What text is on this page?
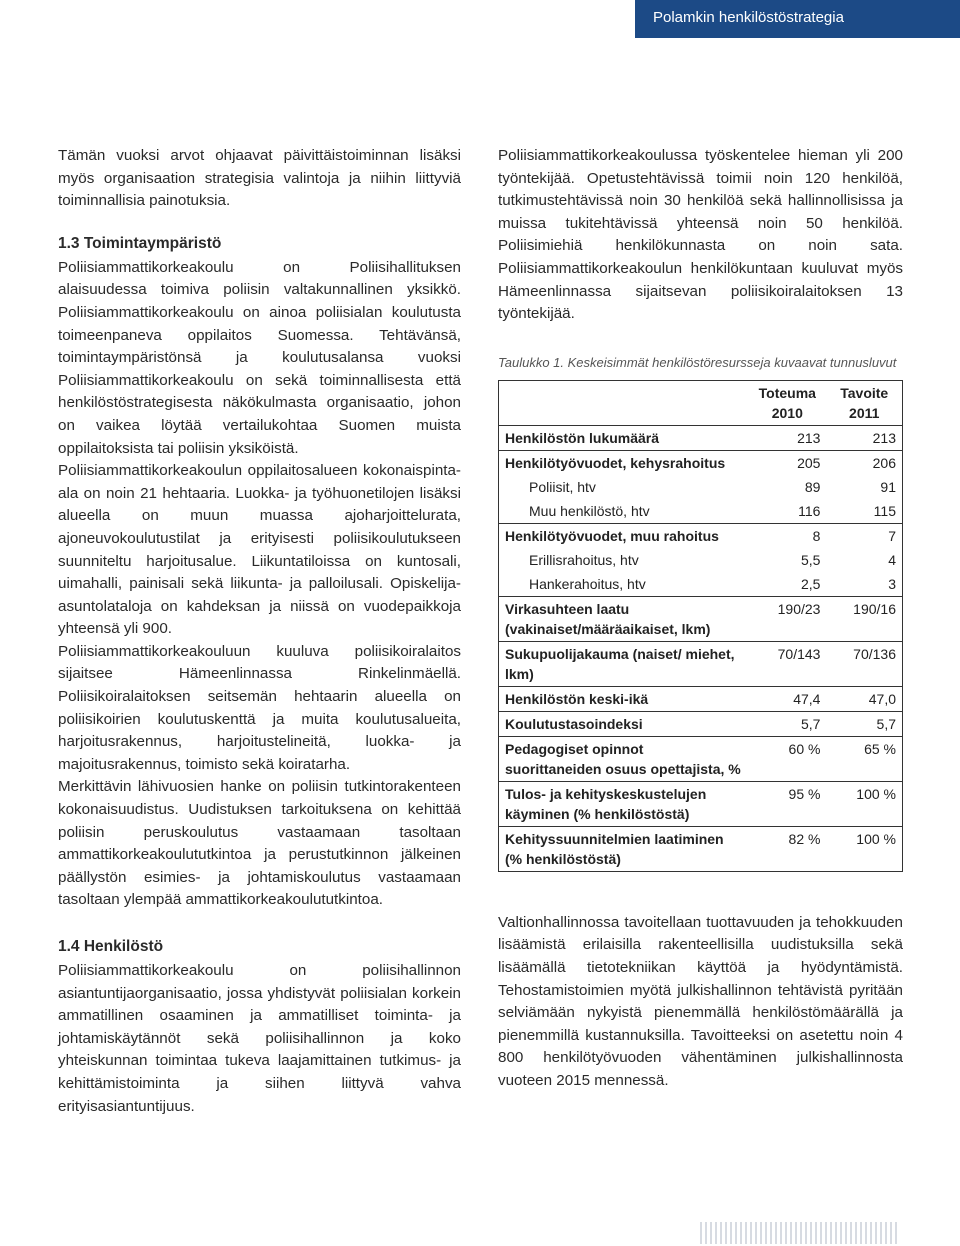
Polamkin henkilöstöstrategia

Tämän vuoksi arvot ohjaavat päivittäistoiminnan lisäksi myös organisaation strategisia valintoja ja niihin liittyviä toiminnallisia painotuksia.

1.3 Toimintaympäristö

Poliisiammattikorkeakoulu on Poliisihallituksen alaisuudessa toimiva poliisin valtakunnallinen yksikkö. Poliisiammattikorkeakoulu on ainoa poliisialan koulutusta toimeenpaneva oppilaitos Suomessa. Tehtävänsä, toimintaympäristönsä ja koulutusalansa vuoksi Poliisiammattikorkeakoulu on sekä toiminnallisesta että henkilöstöstrategisesta näkökulmasta organisaatio, johon on vaikea löytää vertailukohtaa Suomen muista oppilaitoksista tai poliisin yksiköistä.

Poliisiammattikorkeakoulun oppilaitosalueen kokonaispinta-ala on noin 21 hehtaaria. Luokka- ja työhuonetilojen lisäksi alueella on muun muassa ajoharjoittelurata, ajoneuvokoulutustilat ja erityisesti poliisikoulutukseen suunniteltu harjoitusalue. Liikuntatiloissa on kuntosali, uimahalli, painisali sekä liikunta- ja palloilusali. Opiskelija-asuntolataloja on kahdeksan ja niissä on vuodepaikkoja yhteensä yli 900.

Poliisiammattikorkeakouluun kuuluva poliisikoiralaitos sijaitsee Hämeenlinnassa Rinkelinmäellä. Poliisikoiralaitoksen seitsemän hehtaarin alueella on poliisikoirien koulutuskenttä ja muita koulutusalueita, harjoitusrakennus, harjoitustelineitä, luokka- ja majoitusrakennus, toimisto sekä koiratarha.

Merkittävin lähivuosien hanke on poliisin tutkintorakenteen kokonaisuudistus. Uudistuksen tarkoituksena on kehittää poliisin peruskoulutus vastaamaan tasoltaan ammattikorkeakoulututkintoa ja perustutkinnon jälkeinen päällystön esimies- ja johtamiskoulutus vastaamaan tasoltaan ylempää ammattikorkeakoulututkintoa.

1.4 Henkilöstö

Poliisiammattikorkeakoulu on poliisihallinnon asiantuntijaorganisaatio, jossa yhdistyvät poliisialan korkein ammatillinen osaaminen ja ammatilliset toiminta- ja johtamiskäytännöt sekä poliisihallinnon ja koko yhteiskunnan toimintaa tukeva laajamittainen tutkimus- ja kehittämistoiminta ja siihen liittyvä vahva erityisasiantuntijuus.

Poliisiammattikorkeakoulussa työskentelee hieman yli 200 työntekijää. Opetustehtävissä toimii noin 120 henkilöä, tutkimustehtävissä noin 30 henkilöä sekä hallinnollisissa ja muissa tukitehtävissä yhteensä noin 50 henkilöä. Poliisimiehiä henkilökunnasta on noin sata. Poliisiammattikorkeakoulun henkilökuntaan kuuluvat myös Hämeenlinnassa sijaitsevan poliisikoiralaitoksen 13 työntekijää.

Taulukko 1. Keskeisimmät henkilöstöresursseja kuvaavat tunnusluvut
	Toteuma 2010	Tavoite 2011
Henkilöstön lukumäärä	213	213
Henkilötyövuodet, kehysrahoitus	205	206
Poliisit, htv	89	91
Muu henkilöstö, htv	116	115
Henkilötyövuodet, muu rahoitus	8	7
Erillisrahoitus, htv	5,5	4
Hankerahoitus, htv	2,5	3
Virkasuhteen laatu (vakinaiset/määräaikaiset, lkm)	190/23	190/16
Sukupuolijakauma (naiset/ miehet, lkm)	70/143	70/136
Henkilöstön keski-ikä	47,4	47,0
Koulutustasoindeksi	5,7	5,7
Pedagogiset opinnot suorittaneiden osuus opettajista, %	60 %	65 %
Tulos- ja kehityskeskustelujen käyminen (% henkilöstöstä)	95 %	100 %
Kehityssuunnitelmien laatiminen (% henkilöstöstä)	82 %	100 %

Valtionhallinnossa tavoitellaan tuottavuuden ja tehokkuuden lisäämistä erilaisilla rakenteellisilla uudistuksilla sekä lisäämällä tietotekniikan käyttöä ja hyödyntämistä. Tehostamistoimien myötä julkishallinnon tehtävistä pyritään selviämään nykyistä pienemmällä henkilöstömäärällä ja pienemmillä kustannuksilla. Tavoitteeksi on asetettu noin 4 800 henkilötyövuoden vähentäminen julkishallinnosta vuoteen 2015 mennessä.
